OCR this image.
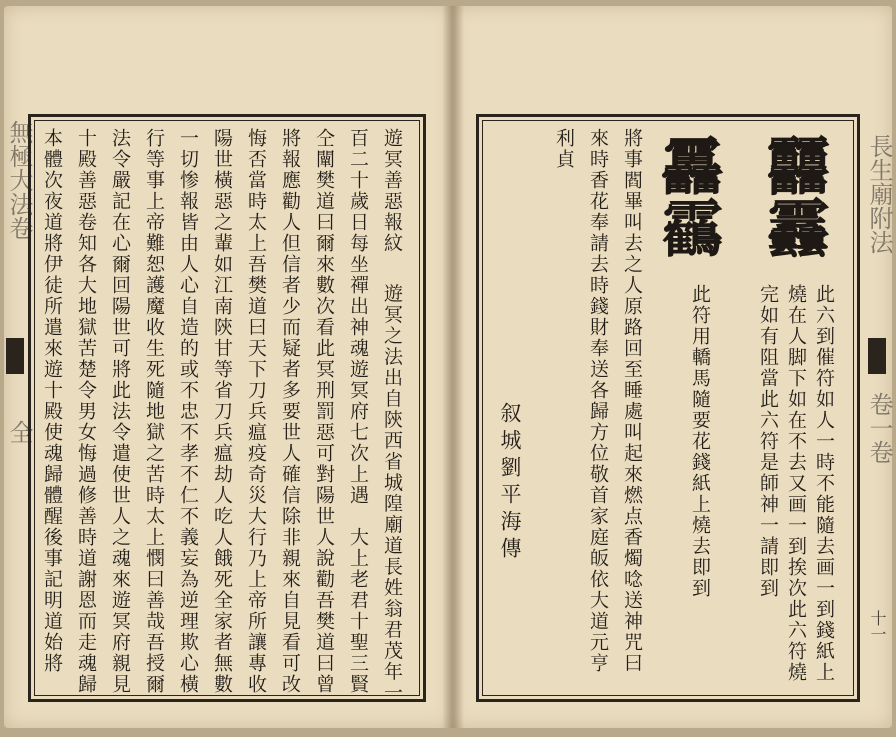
無極大法卷
全	遊冥善惡報紋 　遊冥之法出自陝西省城隍廟道長姓翁君茂年一
百二十歲日每坐禪出神魂遊冥府七次上遇　大上老君十聖三賢
仝闡樊道曰爾來數次看此冥刑罰惡可對陽世人說勸吾樊道曰曾
將報應勸人但信者少而疑者多要世人確信除非親來自見看可改
悔否當時太上吾樊道曰天下刀兵瘟疫奇災大行乃上帝所讓專收
陽世橫惡之輩如江南陝甘等省刀兵瘟劫人吃人餓死全家者無數
一切惨報皆由人心自造的或不忠不孝不仁不義妄為逆理欺心橫
行等事上帝難恕護魔收生死隨地獄之苦時太上憫曰善哉吾授爾
法令嚴記在心爾回陽世可將此法令遣使世人之魂來遊冥府親見
十殿善惡卷知各大地獄苦楚令男女悔過修善時道謝恩而走魂歸
本體次夜道將伊徒所遣來遊十殿使魂歸體醒後事記明道始將	䨻䨺
靐靏
此六到催符如人一時不能隨去画一到錢紙上
燒在人脚下如在不去又画一到挨次此六符燒
完如有阻當此六符是師神一請即到
此符用轎馬隨要花錢紙上燒去即到
將事閻畢叫去之人原路回至睡處叫起來燃点香燭唸送神咒曰
來時香花奉請去時錢財奉送各歸方位敬首家庭皈依大道元亨
利貞
叙城劉平海傳
長生廟附法
卷一卷
十一
